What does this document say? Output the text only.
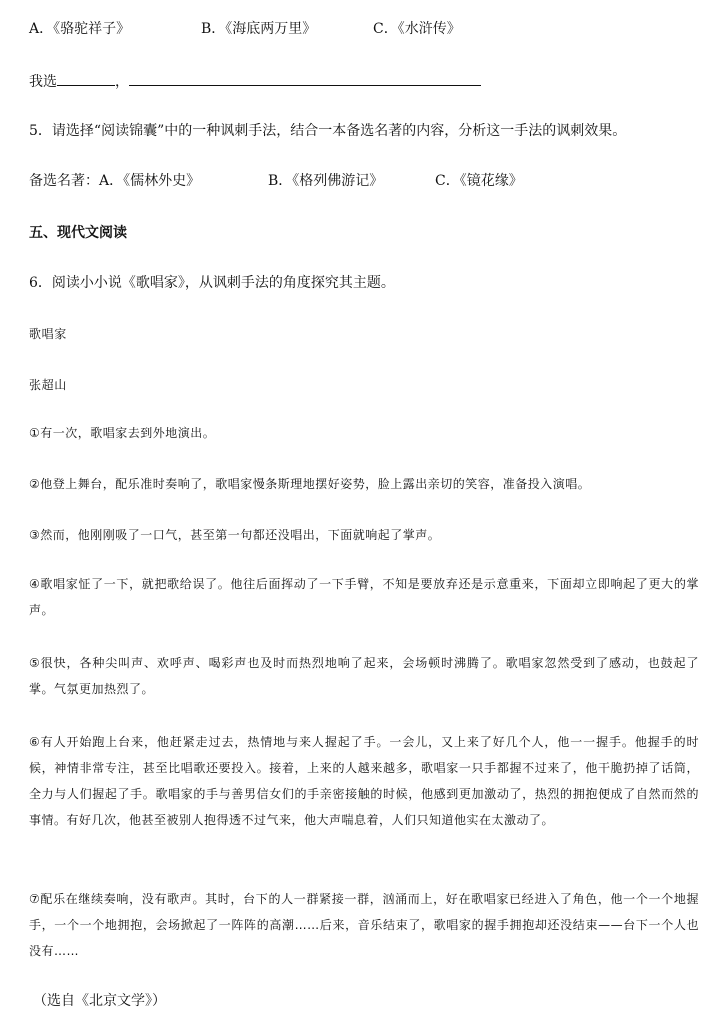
A．《骆驼祥子》	B．《海底两万里》	C．《水浒传》
我选	，
5．请选择“阅读锦囊”中的一种讽刺手法，结合一本备选名著的内容，分析这一手法的讽刺效果。
备选名著：A．《儒林外史》	B．《格列佛游记》	C．《镜花缘》
五、现代文阅读
6．阅读小小说《歌唱家》，从讽刺手法的角度探究其主题。
歌唱家
张超山
①有一次，歌唱家去到外地演出。
②他登上舞台，配乐准时奏响了，歌唱家慢条斯理地摆好姿势，脸上露出亲切的笑容，准备投入演唱。
③然而，他刚刚吸了一口气，甚至第一句都还没唱出，下面就响起了掌声。
④歌唱家怔了一下，就把歌给误了。他往后面挥动了一下手臂，不知是要放弃还是示意重来，下面却立即响起了更大的掌声。
⑤很快，各种尖叫声、欢呼声、喝彩声也及时而热烈地响了起来，会场顿时沸腾了。歌唱家忽然受到了感动，也鼓起了掌。气氛更加热烈了。
⑥有人开始跑上台来，他赶紧走过去，热情地与来人握起了手。一会儿，又上来了好几个人，他一一握手。他握手的时候，神情非常专注，甚至比唱歌还要投入。接着，上来的人越来越多，歌唱家一只手都握不过来了，他干脆扔掉了话筒，全力与人们握起了手。歌唱家的手与善男信女们的手亲密接触的时候，他感到更加激动了，热烈的拥抱便成了自然而然的事情。有好几次，他甚至被别人抱得透不过气来，他大声喘息着，人们只知道他实在太激动了。
⑦配乐在继续奏响，没有歌声。其时，台下的人一群紧接一群，汹涌而上，好在歌唱家已经进入了角色，他一个一个地握手，一个一个地拥抱，会场掀起了一阵阵的高潮……后来，音乐结束了，歌唱家的握手拥抱却还没结束——台下一个人也没有……
（选自《北京文学》）
